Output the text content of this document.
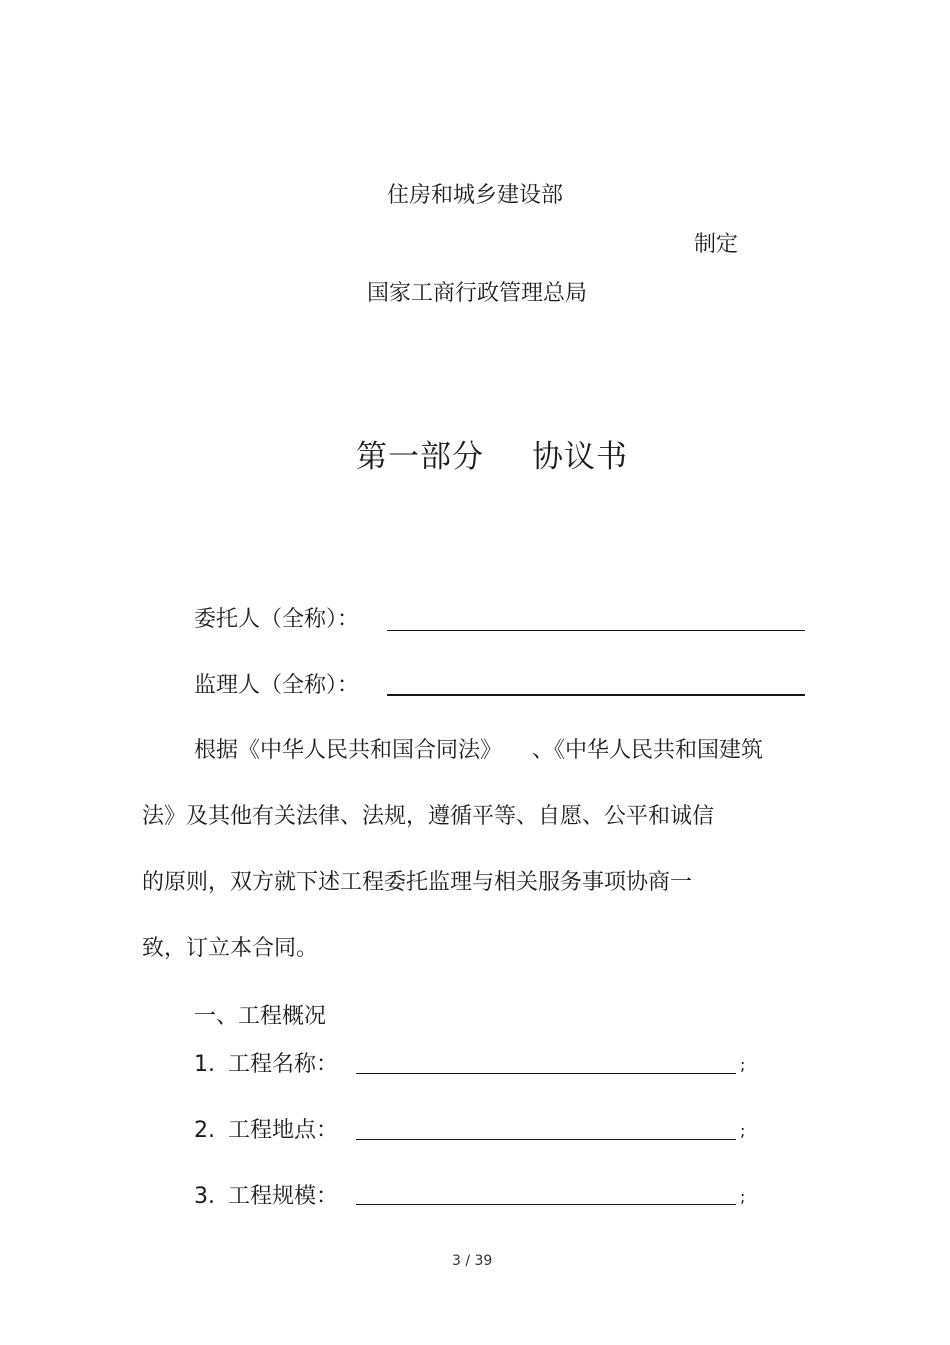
住房和城乡建设部
制定
国家工商行政管理总局
第一部分 协议书
委托人（全称）：
监理人（全称）：
根据《中华人民共和国合同法》 、《中华人民共和国建筑
法》及其他有关法律、法规，遵循平等、自愿、公平和诚信
的原则，双方就下述工程委托监理与相关服务事项协商一
致，订立本合同。
一、工程概况
1. 工程名称：	;
2. 工程地点：	;
3. 工程规模：	;
3 / 39
